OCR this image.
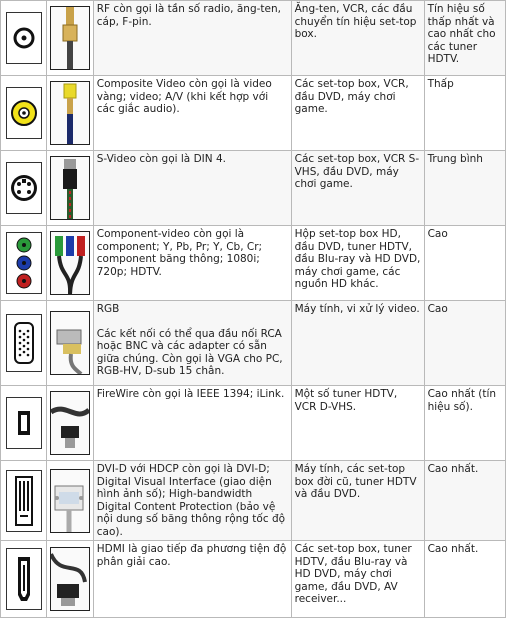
RF còn gọi là tần số radio, ăng-ten, cáp, F-pin.	Ăng-ten, VCR, các đầu chuyển tín hiệu set-top box.	Tín hiệu số thấp nhất và cao nhất cho các tuner HDTV.

Composite Video còn gọi là video vàng; video; A/V (khi kết hợp với các giắc audio).	Các set-top box, VCR, đầu DVD, máy chơi game.	Thấp

S-Video còn gọi là DIN 4.	Các set-top box, VCR S-VHS, đầu DVD, máy chơi game.	Trung bình

Component-video còn gọi là component; Y, Pb, Pr; Y, Cb, Cr; component băng thông; 1080i; 720p; HDTV.	Hộp set-top box HD, đầu DVD, tuner HDTV, đầu Blu-ray và HD DVD, máy chơi game, các nguồn HD khác.	Cao

RGB

Các kết nối có thể qua đầu nối RCA hoặc BNC và các adapter có sẵn giữa chúng. Còn gọi là VGA cho PC, RGB-HV, D-sub 15 chân.	Máy tính, vi xử lý video.	Cao

FireWire còn gọi là IEEE 1394; iLink.	Một số tuner HDTV, VCR D-VHS.	Cao nhất (tín hiệu số).

DVI-D với HDCP còn gọi là DVI-D; Digital Visual Interface (giao diện hình ảnh số); High-bandwidth Digital Content Protection (bảo vệ nội dung số băng thông rộng tốc độ cao).	Máy tính, các set-top box đời cũ, tuner HDTV và đầu DVD.	Cao nhất.

HDMI là giao tiếp đa phương tiện độ phân giải cao.	Các set-top box, tuner HDTV, đầu Blu-ray và HD DVD, máy chơi game, đầu DVD, AV receiver...	Cao nhất.
